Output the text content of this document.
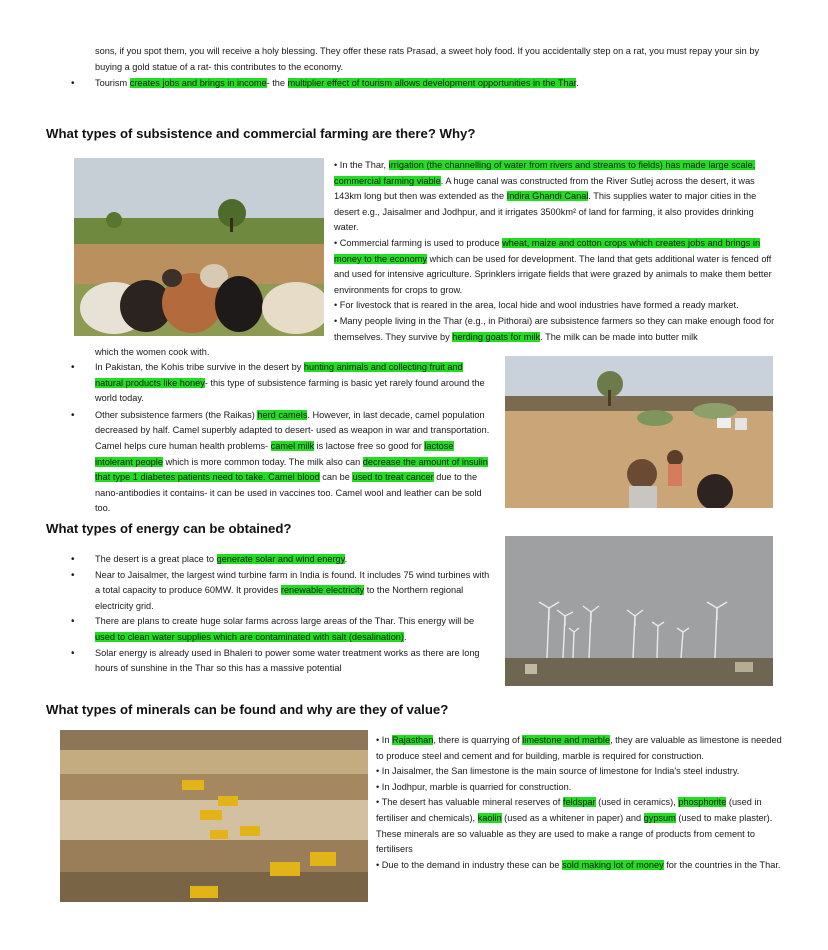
sons, if you spot them, you will receive a holy blessing. They offer these rats Prasad, a sweet holy food. If you accidentally step on a rat, you must repay your sin by buying a gold statue of a rat- this contributes to the economy.

• Tourism creates jobs and brings in income- the multiplier effect of tourism allows development opportunities in the Thar.
What types of subsistence and commercial farming are there? Why?

• In the Thar, irrigation (the channelling of water from rivers and streams to fields) has made large scale, commercial farming viable. A huge canal was constructed from the River Sutlej across the desert, it was 143km long but then was extended as the Indira Ghandi Canal. This supplies water to major cities in the desert e.g., Jaisalmer and Jodhpur, and it irrigates 3500km² of land for farming, it also provides drinking water.

• Commercial farming is used to produce wheat, maize and cotton crops which creates jobs and brings in money to the economy which can be used for development. The land that gets additional water is fenced off and used for intensive agriculture. Sprinklers irrigate fields that were grazed by animals to make them better environments for crops to grow.

• For livestock that is reared in the area, local hide and wool industries have formed a ready market.

• Many people living in the Thar (e.g., in Pithorai) are subsistence farmers so they can make enough food for themselves. They survive by herding goats for milk. The milk can be made into butter milk

which the women cook with.
• In Pakistan, the Kohis tribe survive in the desert by hunting animals and collecting fruit and natural products like honey- this type of subsistence farming is basic yet rarely found around the world today.
• Other subsistence farmers (the Raikas) herd camels. However, in last decade, camel population decreased by half. Camel superbly adapted to desert- used as weapon in war and transportation. Camel helps cure human health problems- camel milk is lactose free so good for lactose intolerant people which is more common today. The milk also can decrease the amount of insulin that type 1 diabetes patients need to take. Camel blood can be used to treat cancer due to the nano-antibodies it contains- it can be used in vaccines too. Camel wool and leather can be sold too.
What types of energy can be obtained?
• The desert is a great place to generate solar and wind energy.
• Near to Jaisalmer, the largest wind turbine farm in India is found. It includes 75 wind turbines with a total capacity to produce 60MW. It provides renewable electricity to the Northern regional electricity grid.
• There are plans to create huge solar farms across large areas of the Thar. This energy will be used to clean water supplies which are contaminated with salt (desalination).
• Solar energy is already used in Bhaleri to power some water treatment works as there are long hours of sunshine in the Thar so this has a massive potential
What types of minerals can be found and why are they of value?

• In Rajasthan, there is quarrying of limestone and marble, they are valuable as limestone is needed to produce steel and cement and for building, marble is required for construction.

• In Jaisalmer, the San limestone is the main source of limestone for India's steel industry.

• In Jodhpur, marble is quarried for construction.

• The desert has valuable mineral reserves of feldspar (used in ceramics), phosphorite (used in fertiliser and chemicals), kaolin (used as a whitener in paper) and gypsum (used to make plaster). These minerals are so valuable as they are used to make a range of products from cement to fertilisers

• Due to the demand in industry these can be sold making lot of money for the countries in the Thar.
